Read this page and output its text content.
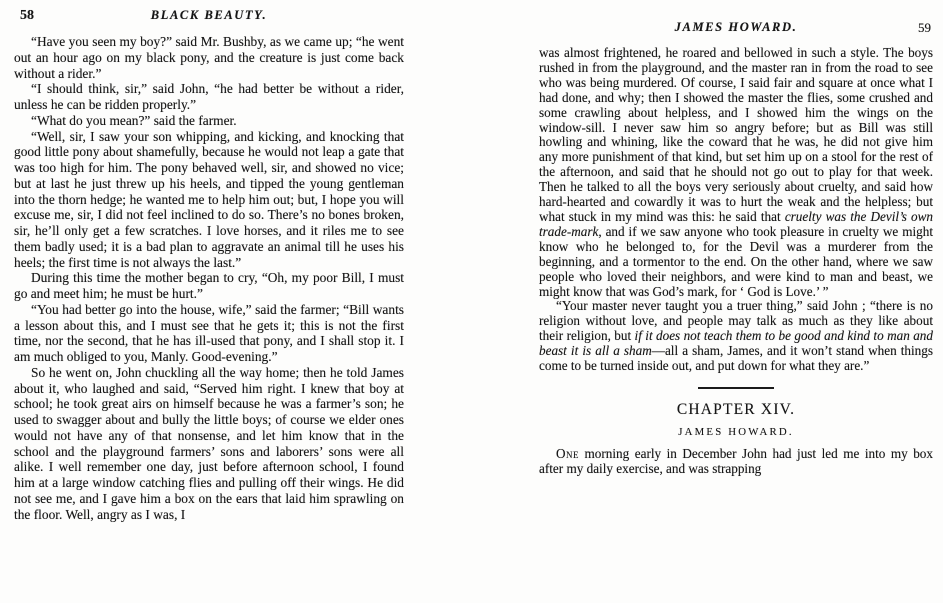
58	BLACK BEAUTY.

“Have you seen my boy?” said Mr. Bushby, as we came up; “he went out an hour ago on my black pony, and the creature is just come back without a rider.”

“I should think, sir,” said John, “he had better be without a rider, unless he can be ridden properly.”

“What do you mean?” said the farmer.

“Well, sir, I saw your son whipping, and kicking, and knocking that good little pony about shamefully, because he would not leap a gate that was too high for him. The pony behaved well, sir, and showed no vice; but at last he just threw up his heels, and tipped the young gentleman into the thorn hedge; he wanted me to help him out; but, I hope you will excuse me, sir, I did not feel inclined to do so. There’s no bones broken, sir, he’ll only get a few scratches. I love horses, and it riles me to see them badly used; it is a bad plan to aggravate an animal till he uses his heels; the first time is not always the last.”

During this time the mother began to cry, “Oh, my poor Bill, I must go and meet him; he must be hurt.”

“You had better go into the house, wife,” said the farmer; “Bill wants a lesson about this, and I must see that he gets it; this is not the first time, nor the second, that he has ill-used that pony, and I shall stop it. I am much obliged to you, Manly. Good-evening.”

So he went on, John chuckling all the way home; then he told James about it, who laughed and said, “Served him right. I knew that boy at school; he took great airs on himself because he was a farmer’s son; he used to swagger about and bully the little boys; of course we elder ones would not have any of that nonsense, and let him know that in the school and the playground farmers’ sons and laborers’ sons were all alike. I well remember one day, just before afternoon school, I found him at a large window catching flies and pulling off their wings. He did not see me, and I gave him a box on the ears that laid him sprawling on the floor. Well, angry as I was, I

JAMES HOWARD.	59

was almost frightened, he roared and bellowed in such a style. The boys rushed in from the playground, and the master ran in from the road to see who was being murdered. Of course, I said fair and square at once what I had done, and why; then I showed the master the flies, some crushed and some crawling about helpless, and I showed him the wings on the window-sill. I never saw him so angry before; but as Bill was still howling and whining, like the coward that he was, he did not give him any more punishment of that kind, but set him up on a stool for the rest of the afternoon, and said that he should not go out to play for that week. Then he talked to all the boys very seriously about cruelty, and said how hard-hearted and cowardly it was to hurt the weak and the helpless; but what stuck in my mind was this: he said that cruelty was the Devil’s own trade-mark, and if we saw anyone who took pleasure in cruelty we might know who he belonged to, for the Devil was a murderer from the beginning, and a tormentor to the end. On the other hand, where we saw people who loved their neighbors, and were kind to man and beast, we might know that was God’s mark, for ‘ God is Love.’ ”

“Your master never taught you a truer thing,” said John ; “there is no religion without love, and people may talk as much as they like about their religion, but if it does not teach them to be good and kind to man and beast it is all a sham—all a sham, James, and it won’t stand when things come to be turned inside out, and put down for what they are.”

CHAPTER XIV.
JAMES HOWARD.

One morning early in December John had just led me into my box after my daily exercise, and was strapping
